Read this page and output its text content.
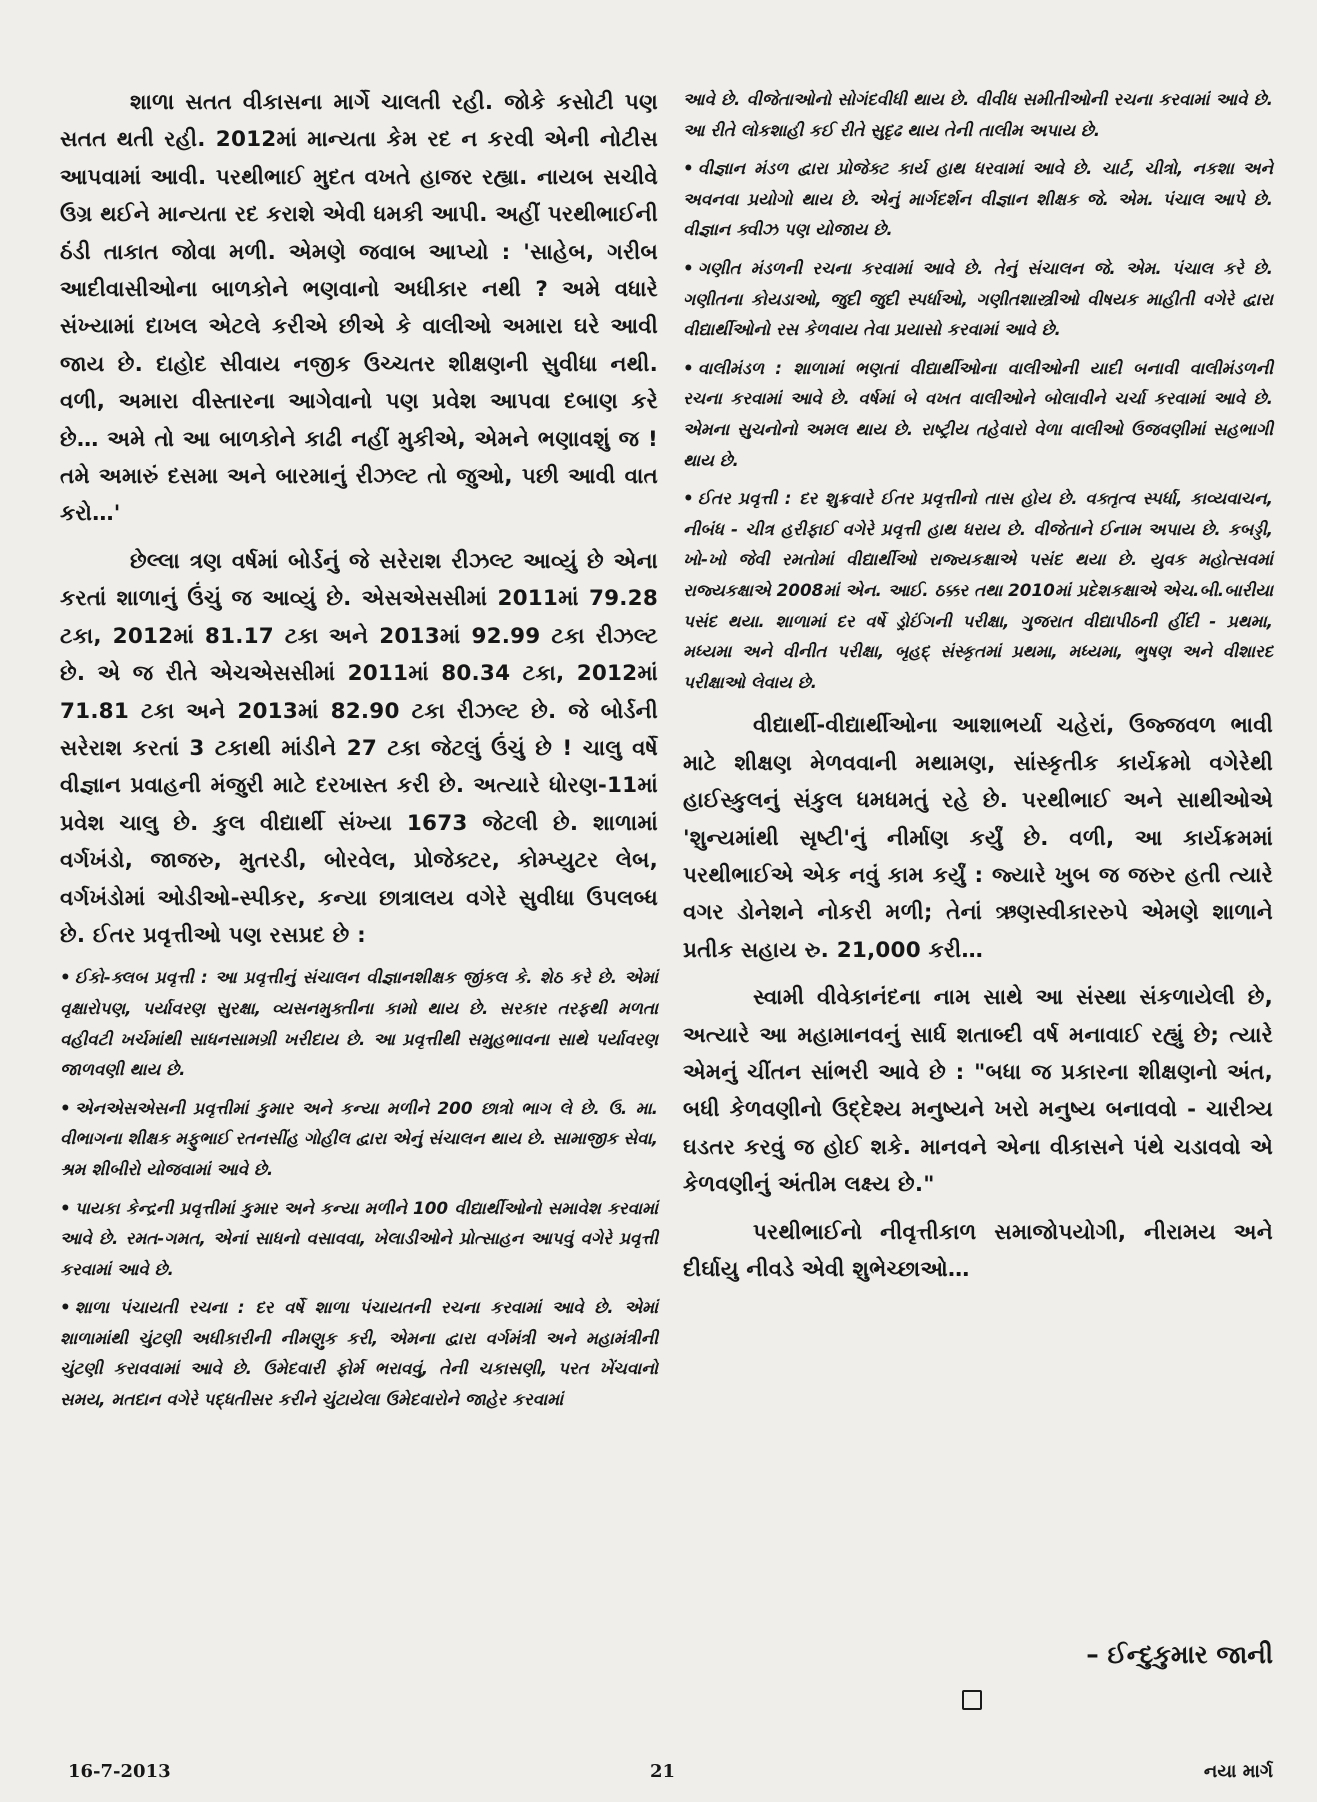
શાળા સતત વીકાસના માર્ગે ચાલતી રહી. જોકે કસોટી પણ સતત થતી રહી. 2012માં માન્યતા કેમ રદ ન કરવી એની નોટીસ આપવામાં આવી. પરથીભાઈ મુદત વખતે હાજર રહ્યા. નાયબ સચીવે ઉગ્ર થઈને માન્યતા રદ કરાશે એવી ધમકી આપી. અહીં પરથીભાઈની ઠંડી તાકાત જોવા મળી. એમણે જવાબ આપ્યો : 'સાહેબ, ગરીબ આદીવાસીઓના બાળકોને ભણવાનો અધીકાર નથી ? અમે વધારે સંખ્યામાં દાખલ એટલે કરીએ છીએ કે વાલીઓ અમારા ઘરે આવી જાય છે. દાહોદ સીવાય નજીક ઉચ્ચતર શીક્ષણની સુવીધા નથી. વળી, અમારા વીસ્તારના આગેવાનો પણ પ્રવેશ આપવા દબાણ કરે છે… અમે તો આ બાળકોને કાઢી નહીં મુકીએ, એમને ભણાવશું જ ! તમે અમારું દસમા અને બારમાનું રીઝલ્ટ તો જુઓ, પછી આવી વાત કરો…'

છેલ્લા ત્રણ વર્ષમાં બોર્ડનું જે સરેરાશ રીઝલ્ટ આવ્યું છે એના કરતાં શાળાનું ઉંચું જ આવ્યું છે. એસએસસીમાં 2011માં 79.28 ટકા, 2012માં 81.17 ટકા અને 2013માં 92.99 ટકા રીઝલ્ટ છે. એ જ રીતે એચએસસીમાં 2011માં 80.34 ટકા, 2012માં 71.81 ટકા અને 2013માં 82.90 ટકા રીઝલ્ટ છે. જે બોર્ડની સરેરાશ કરતાં 3 ટકાથી માંડીને 27 ટકા જેટલું ઉંચું છે ! ચાલુ વર્ષે વીજ્ઞાન પ્રવાહની મંજુરી માટે દરખાસ્ત કરી છે. અત્યારે ધોરણ-11માં પ્રવેશ ચાલુ છે. કુલ વીદ્યાર્થી સંખ્યા 1673 જેટલી છે. શાળામાં વર્ગખંડો, જાજરુ, મુતરડી, બોરવેલ, પ્રોજેક્ટર, કોમ્પ્યુટર લેબ, વર્ગખંડોમાં ઓડીઓ-સ્પીકર, કન્યા છાત્રાલય વગેરે સુવીધા ઉપલબ્ધ છે. ઈતર પ્રવૃત્તીઓ પણ રસપ્રદ છે :

• ઈકો-ક્લબ પ્રવૃત્તી : આ પ્રવૃત્તીનું સંચાલન વીજ્ઞાનશીક્ષક જીંકલ કે. શેઠ કરે છે. એમાં વૃક્ષારોપણ, પર્યાવરણ સુરક્ષા, વ્યસનમુક્તીના કામો થાય છે. સરકાર તરફથી મળતા વહીવટી ખર્ચમાંથી સાધનસામગ્રી ખરીદાય છે. આ પ્રવૃત્તીથી સમુહભાવના સાથે પર્યાવરણ જાળવણી થાય છે.

• એનએસએસની પ્રવૃત્તીમાં કુમાર અને કન્યા મળીને 200 છાત્રો ભાગ લે છે. ઉ. મા. વીભાગના શીક્ષક મફુભાઈ રતનસીંહ ગોહીલ દ્વારા એનું સંચાલન થાય છે. સામાજીક સેવા, શ્રમ શીબીરો યોજવામાં આવે છે.

• પાયકા કેન્દ્રની પ્રવૃત્તીમાં કુમાર અને કન્યા મળીને 100 વીદ્યાર્થીઓનો સમાવેશ કરવામાં આવે છે. રમત-ગમત, એનાં સાધનો વસાવવા, ખેલાડીઓને પ્રોત્સાહન આપવું વગેરે પ્રવૃત્તી કરવામાં આવે છે.

• શાળા પંચાયતી રચના : દર વર્ષે શાળા પંચાયતની રચના કરવામાં આવે છે. એમાં શાળામાંથી ચુંટણી અધીકારીની નીમણુક કરી, એમના દ્વારા વર્ગમંત્રી અને મહામંત્રીની ચુંટણી કરાવવામાં આવે છે. ઉમેદવારી ફોર્મ ભરાવવું, તેની ચકાસણી, પરત ખેંચવાનો સમય, મતદાન વગેરે પદ્ધતીસર કરીને ચુંટાયેલા ઉમેદવારોને જાહેર કરવામાં

આવે છે. વીજેતાઓનો સોગંદવીધી થાય છે. વીવીધ સમીતીઓની રચના કરવામાં આવે છે. આ રીતે લોકશાહી કઈ રીતે સુદૃઢ થાય તેની તાલીમ અપાય છે.

• વીજ્ઞાન મંડળ દ્વારા પ્રોજેક્ટ કાર્ય હાથ ધરવામાં આવે છે. ચાર્ટ, ચીત્રો, નકશા અને અવનવા પ્રયોગો થાય છે. એનું માર્ગદર્શન વીજ્ઞાન શીક્ષક જે. એમ. પંચાલ આપે છે. વીજ્ઞાન ક્વીઝ પણ યોજાય છે.

• ગણીત મંડળની રચના કરવામાં આવે છે. તેનું સંચાલન જે. એમ. પંચાલ કરે છે. ગણીતના કોયડાઓ, જુદી જુદી સ્પર્ધાઓ, ગણીતશાસ્ત્રીઓ વીષયક માહીતી વગેરે દ્વારા વીદ્યાર્થીઓનો રસ કેળવાય તેવા પ્રયાસો કરવામાં આવે છે.

• વાલીમંડળ : શાળામાં ભણતાં વીદ્યાર્થીઓના વાલીઓની યાદી બનાવી વાલીમંડળની રચના કરવામાં આવે છે. વર્ષમાં બે વખત વાલીઓને બોલાવીને ચર્ચા કરવામાં આવે છે. એમના સુચનોનો અમલ થાય છે. રાષ્ટ્રીય તહેવારો વેળા વાલીઓ ઉજવણીમાં સહભાગી થાય છે.

• ઈતર પ્રવૃત્તી : દર શુક્રવારે ઈતર પ્રવૃત્તીનો તાસ હોય છે. વક્તૃત્વ સ્પર્ધા, કાવ્યવાચન, નીબંધ - ચીત્ર હરીફાઈ વગેરે પ્રવૃત્તી હાથ ધરાય છે. વીજેતાને ઈનામ અપાય છે. કબડ્ડી, ખો-ખો જેવી રમતોમાં વીદ્યાર્થીઓ રાજ્યકક્ષાએ પસંદ થયા છે. યુવક મહોત્સવમાં રાજ્યકક્ષાએ 2008માં એન. આઈ. ઠક્કર તથા 2010માં પ્રદેશકક્ષાએ એચ.બી.બારીયા પસંદ થયા. શાળામાં દર વર્ષે ડ્રોઈંગની પરીક્ષા, ગુજરાત વીદ્યાપીઠની હીંદી - પ્રથમા, મધ્યમા અને વીનીત પરીક્ષા, બૃહદ્ સંસ્કૃતમાં પ્રથમા, મધ્યમા, ભુષણ અને વીશારદ પરીક્ષાઓ લેવાય છે.

વીદ્યાર્થી-વીદ્યાર્થીઓના આશાભર્યા ચહેરાં, ઉજ્જવળ ભાવી માટે શીક્ષણ મેળવવાની મથામણ, સાંસ્કૃતીક કાર્યક્રમો વગેરેથી હાઈસ્કુલનું સંકુલ ધમધમતું રહે છે. પરથીભાઈ અને સાથીઓએ 'શુન્યમાંથી સૃષ્ટી'નું નીર્માણ કર્યું છે. વળી, આ કાર્યક્રમમાં પરથીભાઈએ એક નવું કામ કર્યું : જ્યારે ખુબ જ જરુર હતી ત્યારે વગર ડોનેશને નોકરી મળી; તેનાં ઋણસ્વીકારરુપે એમણે શાળાને પ્રતીક સહાય રુ. 21,000 કરી…

સ્વામી વીવેકાનંદના નામ સાથે આ સંસ્થા સંકળાયેલી છે, અત્યારે આ મહામાનવનું સાર્ધ શતાબ્દી વર્ષ મનાવાઈ રહ્યું છે; ત્યારે એમનું ચીંતન સાંભરી આવે છે : "બધા જ પ્રકારના શીક્ષણનો અંત, બધી કેળવણીનો ઉદ્દેશ્ય મનુષ્યને ખરો મનુષ્ય બનાવવો - ચારીત્ર્ય ઘડતર કરવું જ હોઈ શકે. માનવને એના વીકાસને પંથે ચડાવવો એ કેળવણીનું અંતીમ લક્ષ્ય છે."

પરથીભાઈનો નીવૃત્તીકાળ સમાજોપયોગી, નીરામય અને દીર્ઘાયુ નીવડે એવી શુભેચ્છાઓ…

– ઈન્દુકુમાર જાની
16-7-2013	21	નયા માર્ગ
